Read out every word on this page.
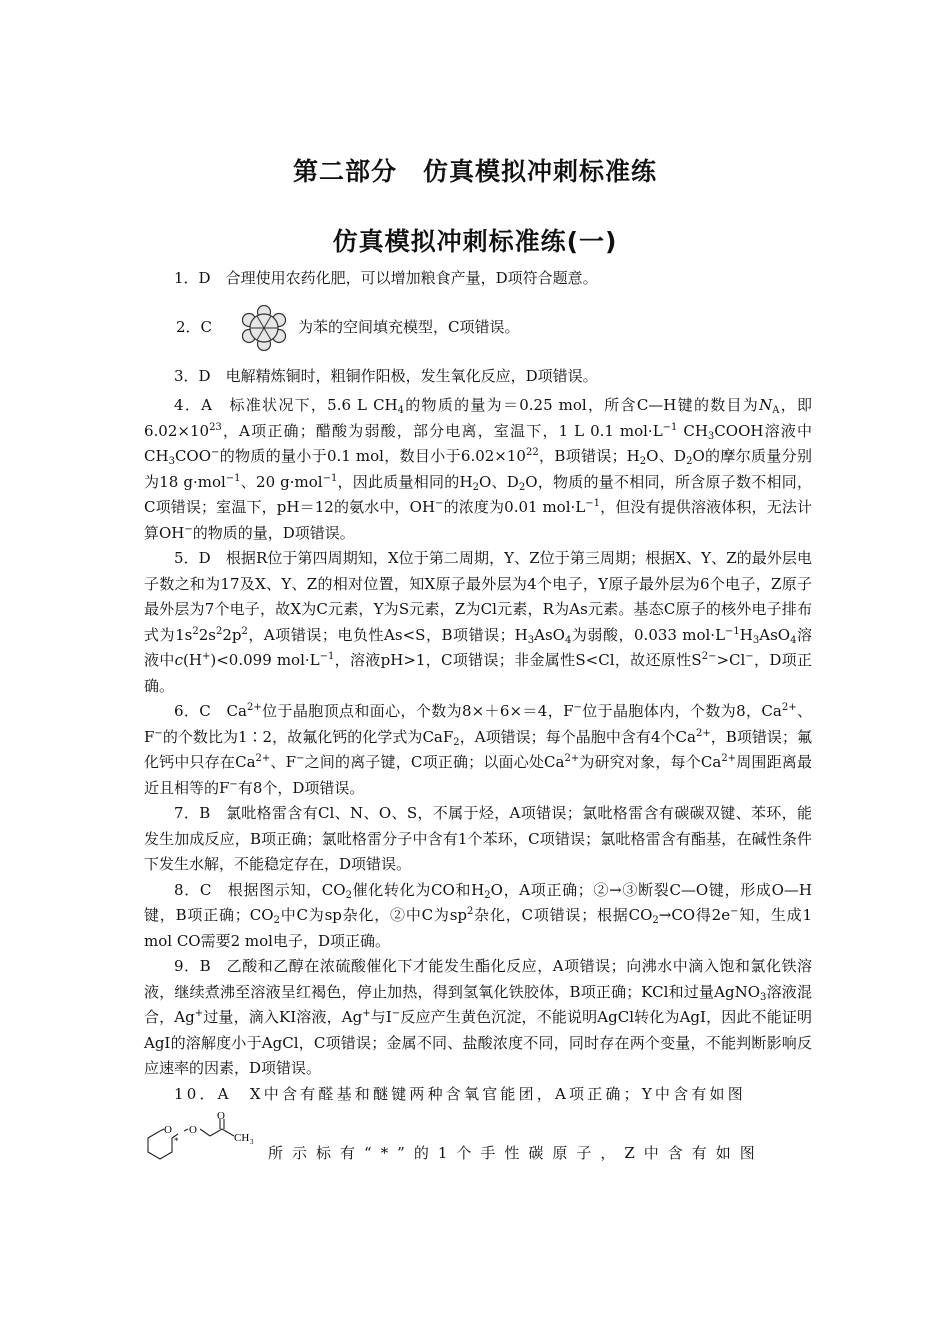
第二部分　仿真模拟冲刺标准练
仿真模拟冲刺标准练(一)

1．D　合理使用农药化肥，可以增加粮食产量，D项符合题意。

2．C	为苯的空间填充模型，C项错误。

3．D　电解精炼铜时，粗铜作阳极，发生氧化反应，D项错误。

4．A　标准状况下，5.6 L $CH_4$的物质的量为＝0.25 mol，所含C—H键的数目为$N_A$，即$6.02\times 10^{23}$，A项正确；醋酸为弱酸，部分电离，室温下，1 L 0.1 $mol\cdot L^{-1}$ $CH_3COOH$溶液中$CH_3COO^-$的物质的量小于0.1 mol，数目小于$6.02\times 10^{22}$，B项错误；$H_2O$、$D_2O$的摩尔质量分别为18 g·mol$^{-1}$、20 g·mol$^{-1}$，因此质量相同的$H_2O$、$D_2O$，物质的量不相同，所含原子数不相同，C项错误；室温下，pH＝12的氨水中，OH−的浓度为0.01 $mol\cdot L^{-1}$，但没有提供溶液体积，无法计算OH−的物质的量，D项错误。

5．D　根据R位于第四周期知，X位于第二周期，Y、Z位于第三周期；根据X、Y、Z的最外层电子数之和为17及X、Y、Z的相对位置，知X原子最外层为4个电子，Y原子最外层为6个电子，Z原子最外层为7个电子，故X为C元素，Y为S元素，Z为Cl元素，R为As元素。基态C原子的核外电子排布式为$1s^22s^22p^2$，A项错误；电负性As<S，B项错误；$H_3AsO_4$为弱酸，0.033 $mol\cdot L^{-1}H_3AsO_4$溶液中c(H+)<0.099 $mol\cdot L^{-1}$，溶液pH>1，C项错误；非金属性S<Cl，故还原性$S^{2-}>Cl^-$，D项正确。

6．C　$Ca^{2+}$位于晶胞顶点和面心，个数为8×＋6×＝4，F−位于晶胞体内，个数为8，$Ca^{2+}$、F−的个数比为1∶2，故氟化钙的化学式为CaF$_2$，A项错误；每个晶胞中含有4个$Ca^{2+}$，B项错误；氟化钙中只存在$Ca^{2+}$、F−之间的离子键，C项正确；以面心处$Ca^{2+}$为研究对象，每个$Ca^{2+}$周围距离最近且相等的F−有8个，D项错误。

7．B　氯吡格雷含有Cl、N、O、S，不属于烃，A项错误；氯吡格雷含有碳碳双键、苯环，能发生加成反应，B项正确；氯吡格雷分子中含有1个苯环，C项错误；氯吡格雷含有酯基，在碱性条件下发生水解，不能稳定存在，D项错误。

8．C　根据图示知，$CO_2$催化转化为CO和$H_2O$，A项正确；②→③断裂C—O键，形成O—H键，B项正确；$CO_2$中C为sp杂化，②中C为$sp^2$杂化，C项错误；根据$CO_2\to CO$得2e−知，生成1 mol CO需要2 mol电子，D项正确。

9．B　乙酸和乙醇在浓硫酸催化下才能发生酯化反应，A项错误；向沸水中滴入饱和氯化铁溶液，继续煮沸至溶液呈红褐色，停止加热，得到氢氧化铁胶体，B项正确；KCl和过量AgNO$_3$溶液混合，Ag+过量，滴入KI溶液，Ag+与I−反应产生黄色沉淀，不能说明AgCl转化为AgI，因此不能证明AgI的溶解度小于AgCl，C项错误；金属不同、盐酸浓度不同，同时存在两个变量，不能判断影响反应速率的因素，D项错误。

10．A　X中含有醛基和醚键两种含氧官能团，A项正确；Y中含有如图

O O
O
*	CH 3

所示标有“*”的1个手性碳原子，Z中含有如图
